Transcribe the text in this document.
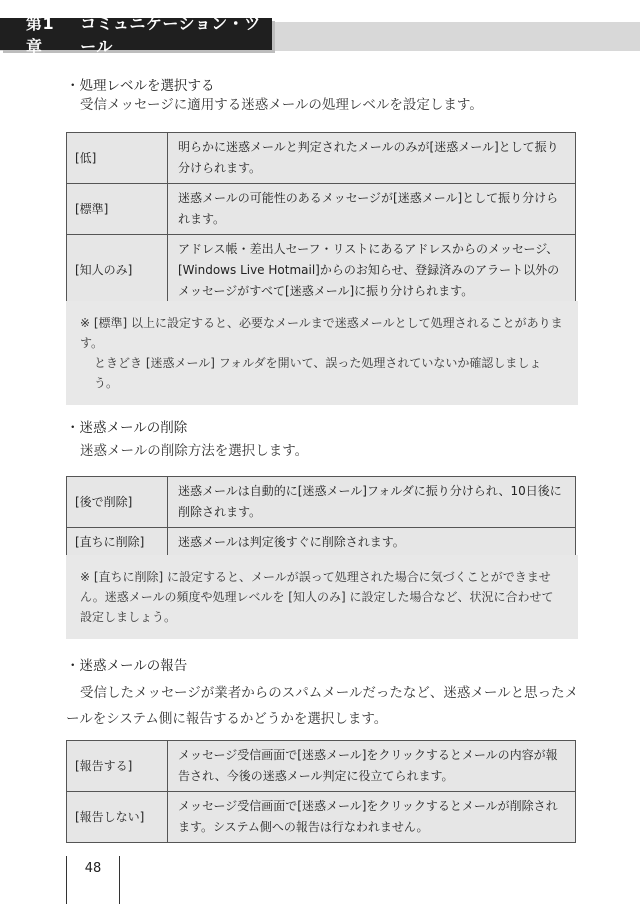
第1章
コミュニケーション・ツール
・処理レベルを選択する
受信メッセージに適用する迷惑メールの処理レベルを設定します。
[低]	明らかに迷惑メールと判定されたメールのみが[迷惑メール]として振り分けられます。
[標準]	迷惑メールの可能性のあるメッセージが[迷惑メール]として振り分けられます。
[知人のみ]	アドレス帳・差出人セーフ・リストにあるアドレスからのメッセージ、[Windows Live Hotmail]からのお知らせ、登録済みのアラート以外のメッセージがすべて[迷惑メール]に振り分けられます。
※ [標準] 以上に設定すると、必要なメールまで迷惑メールとして処理されることがあります。
ときどき [迷惑メール] フォルダを開いて、誤った処理されていないか確認しましょう。
・迷惑メールの削除
迷惑メールの削除方法を選択します。
[後で削除]	迷惑メールは自動的に[迷惑メール]フォルダに振り分けられ、10日後に削除されます。
[直ちに削除]	迷惑メールは判定後すぐに削除されます。
※ [直ちに削除] に設定すると、メールが誤って処理された場合に気づくことができません。迷惑メールの頻度や処理レベルを [知人のみ] に設定した場合など、状況に合わせて設定しましょう。
・迷惑メールの報告
受信したメッセージが業者からのスパムメールだったなど、迷惑メールと思ったメールをシステム側に報告するかどうかを選択します。
[報告する]	メッセージ受信画面で[迷惑メール]をクリックするとメールの内容が報告され、今後の迷惑メール判定に役立てられます。
[報告しない]	メッセージ受信画面で[迷惑メール]をクリックするとメールが削除されます。システム側への報告は行なわれません。
48
